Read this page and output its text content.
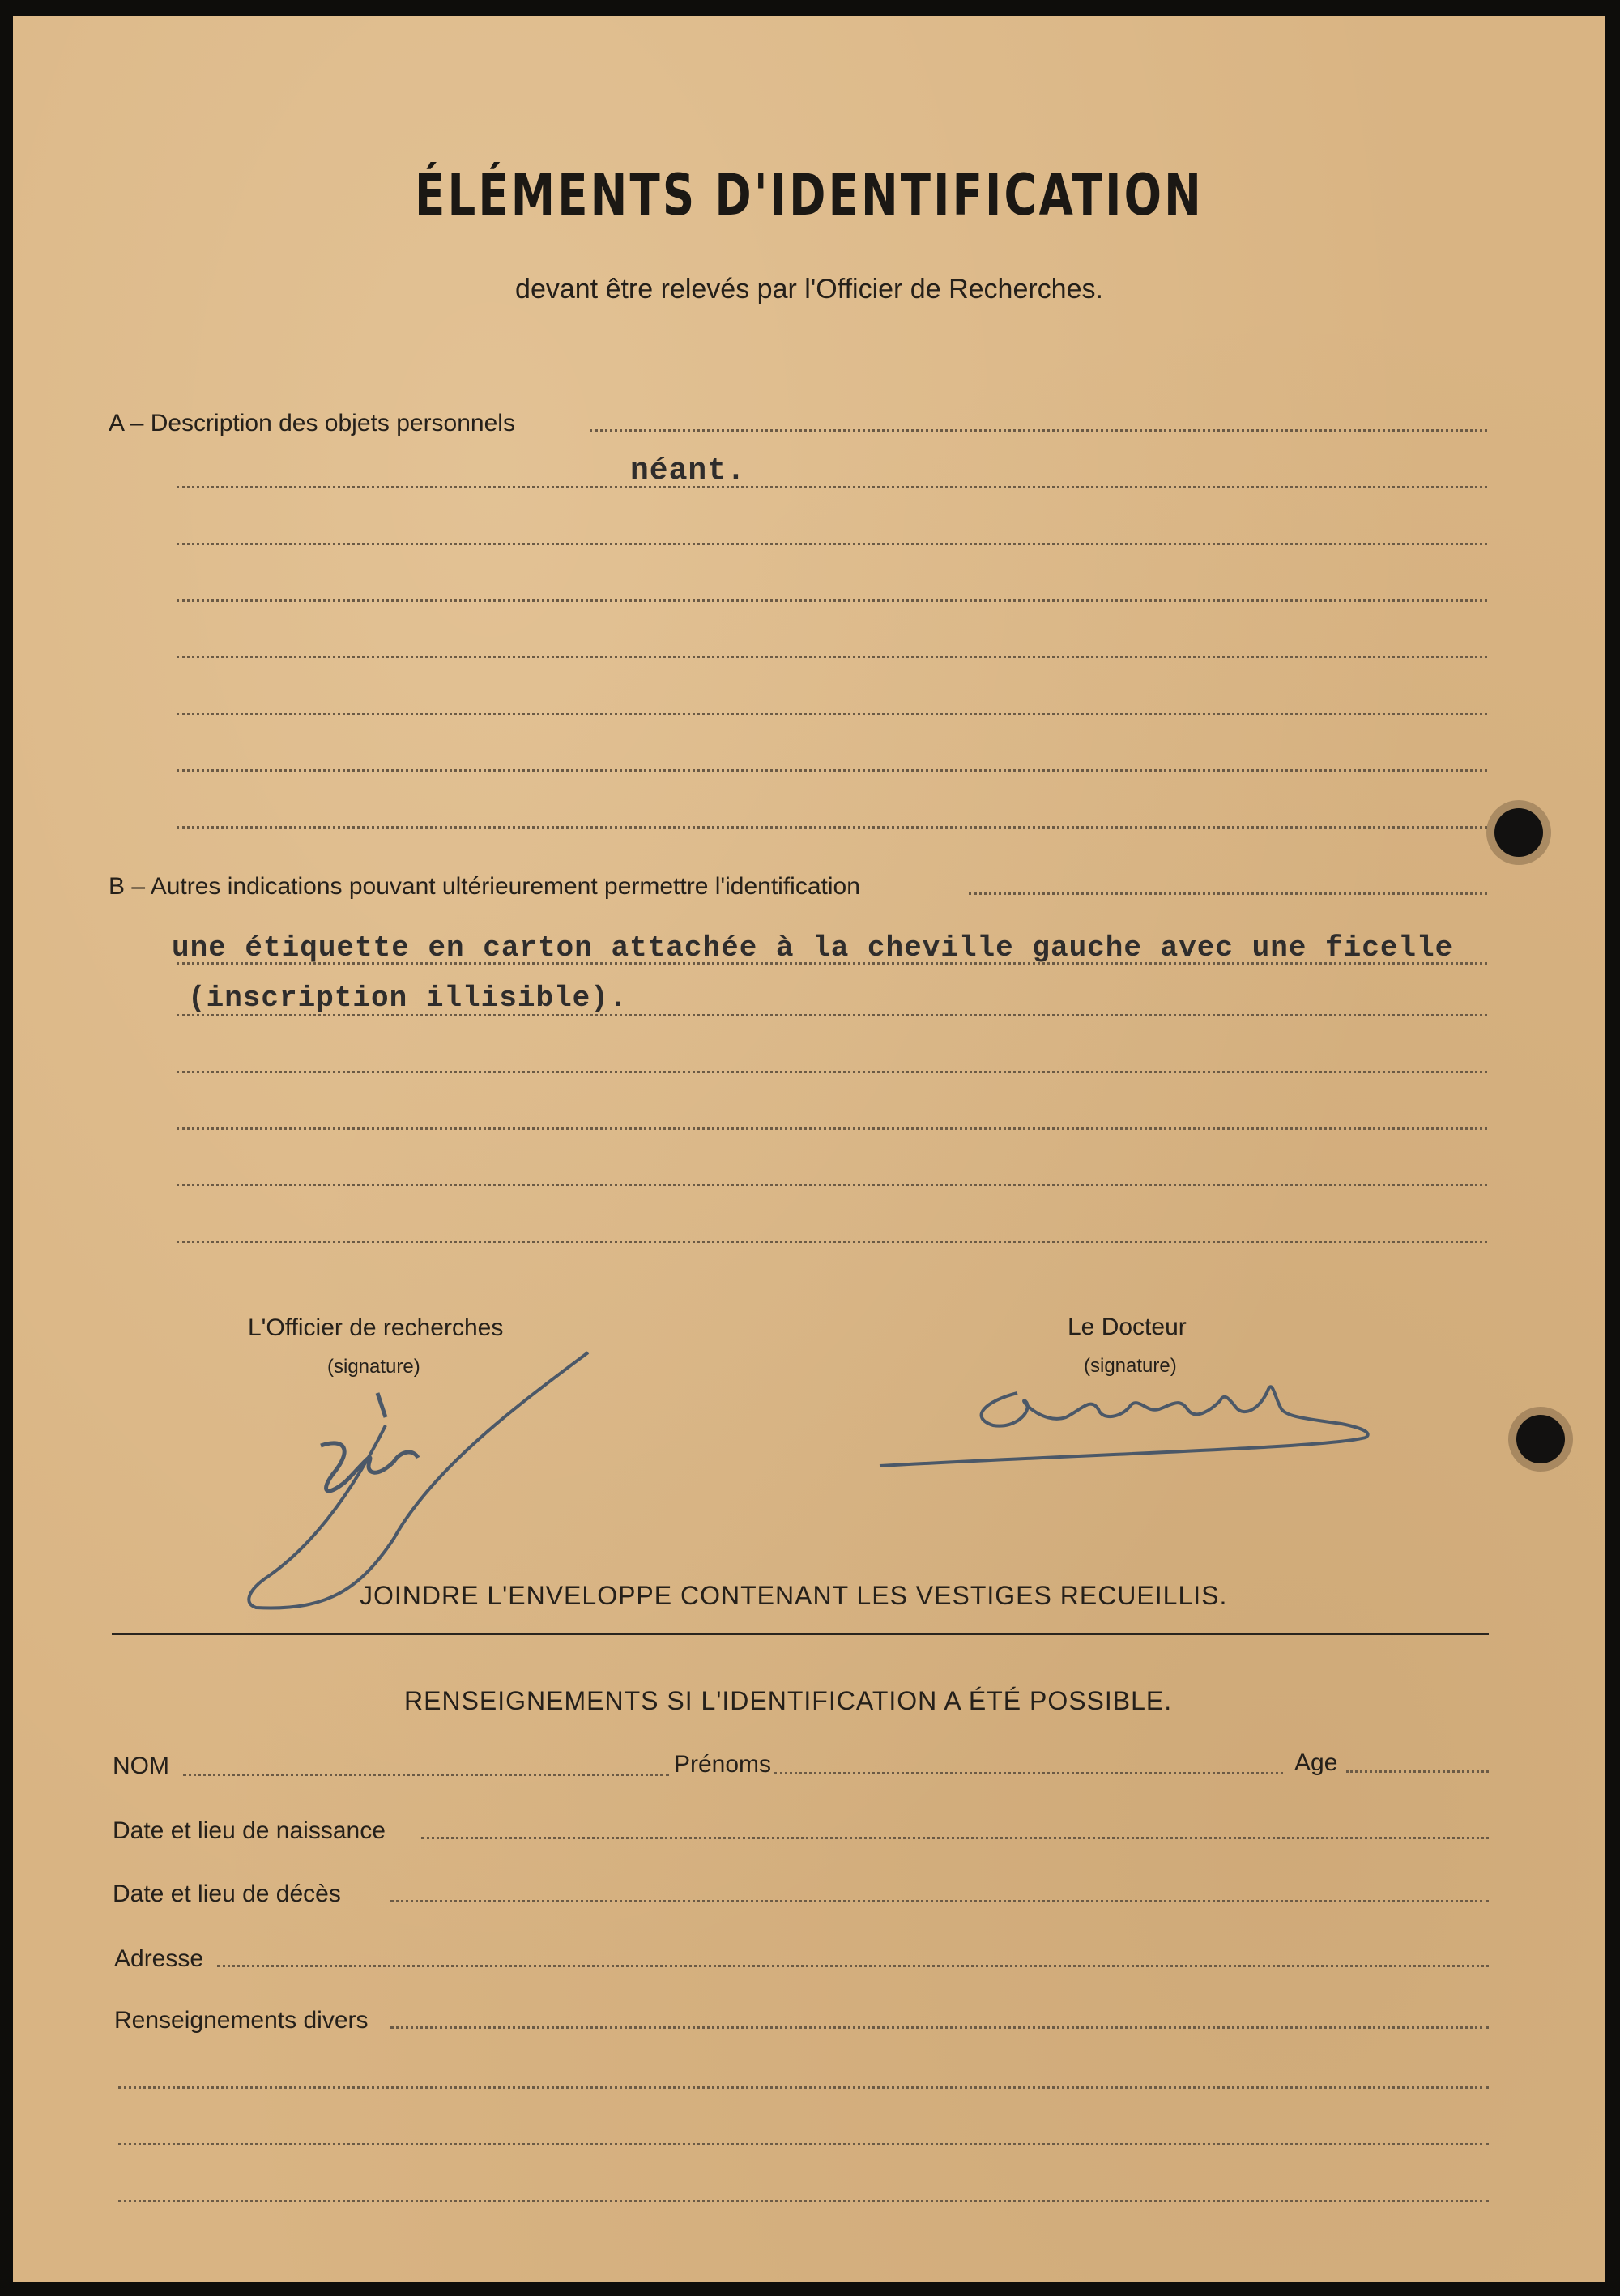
ÉLÉMENTS D'IDENTIFICATION
devant être relevés par l'Officier de Recherches.
A – Description des objets personnels
néant.
B – Autres indications pouvant ultérieurement permettre l'identification
une étiquette en carton attachée à la cheville gauche avec une ficelle
(inscription illisible).
L'Officier de recherches
(signature)
Le Docteur
(signature)
JOINDRE L'ENVELOPPE CONTENANT LES VESTIGES RECUEILLIS.
RENSEIGNEMENTS SI L'IDENTIFICATION A ÉTÉ POSSIBLE.
NOM	Prénoms	Age
Date et lieu de naissance
Date et lieu de décès
Adresse
Renseignements divers
